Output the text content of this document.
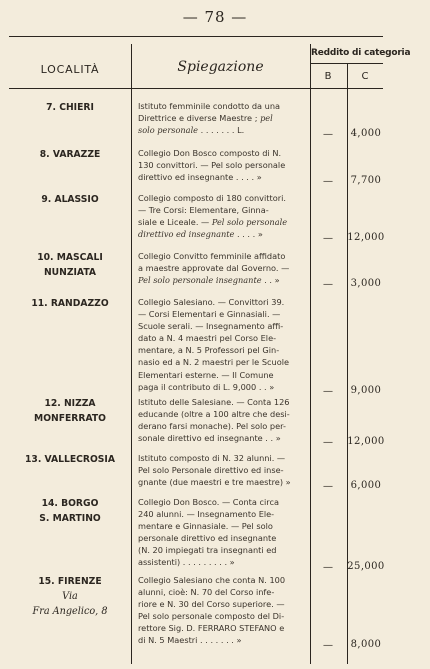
— 78 —
LOCALITÀ	Spiegazione
Reddito di categoria
B	C
7. CHIERI	Istituto femminile condotto da una
Direttrice e diverse Maestre ; pel
solo personale . . . . . . . L.	—	4,000
8. VARAZZE	Collegio Don Bosco composto di N.
130 convittori. — Pel solo personale
direttivo ed insegnante . . . . »	—	7,700
9. ALASSIO	Collegio composto di 180 convittori.
— Tre Corsi: Elementare, Ginna-
siale e Liceale. — Pel solo personale
direttivo ed insegnante . . . . »	—	12,000
10. MASCALI
NUNZIATA
Collegio Convitto femminile affidato
a maestre approvate dal Governo. —
Pel solo personale insegnante . . »	—	3,000
11. RANDAZZO	Collegio Salesiano. — Convittori 39.
— Corsi Elementari e Ginnasiali. —
Scuole serali. — Insegnamento affi-
dato a N. 4 maestri pel Corso Ele-
mentare, a N. 5 Professori pel Gin-
nasio ed a N. 2 maestri per le Scuole
Elementari esterne. — Il Comune
paga il contributo di L. 9,000 . . »	—	9,000
12. NIZZA
MONFERRATO
Istituto delle Salesiane. — Conta 126
educande (oltre a 100 altre che desi-
derano farsi monache). Pel solo per-
sonale direttivo ed insegnante . . »	—	12,000
13. VALLECROSIA	Istituto composto di N. 32 alunni. —
Pel solo Personale direttivo ed inse-
gnante (due maestri e tre maestre) »	—	6,000
14. BORGO
S. MARTINO
Collegio Don Bosco. — Conta circa
240 alunni. — Insegnamento Ele-
mentare e Ginnasiale. — Pel solo
personale direttivo ed insegnante
(N. 20 impiegati tra insegnanti ed
assistenti) . . . . . . . . . »	—	25,000
15. FIRENZE
Via
Fra Angelico, 8
Collegio Salesiano che conta N. 100
alunni, cioè: N. 70 del Corso infe-
riore e N. 30 del Corso superiore. —
Pel solo personale composto del Di-
rettore Sig. D. FERRARO STEFANO e
di N. 5 Maestri . . . . . . . »	—	8,000
